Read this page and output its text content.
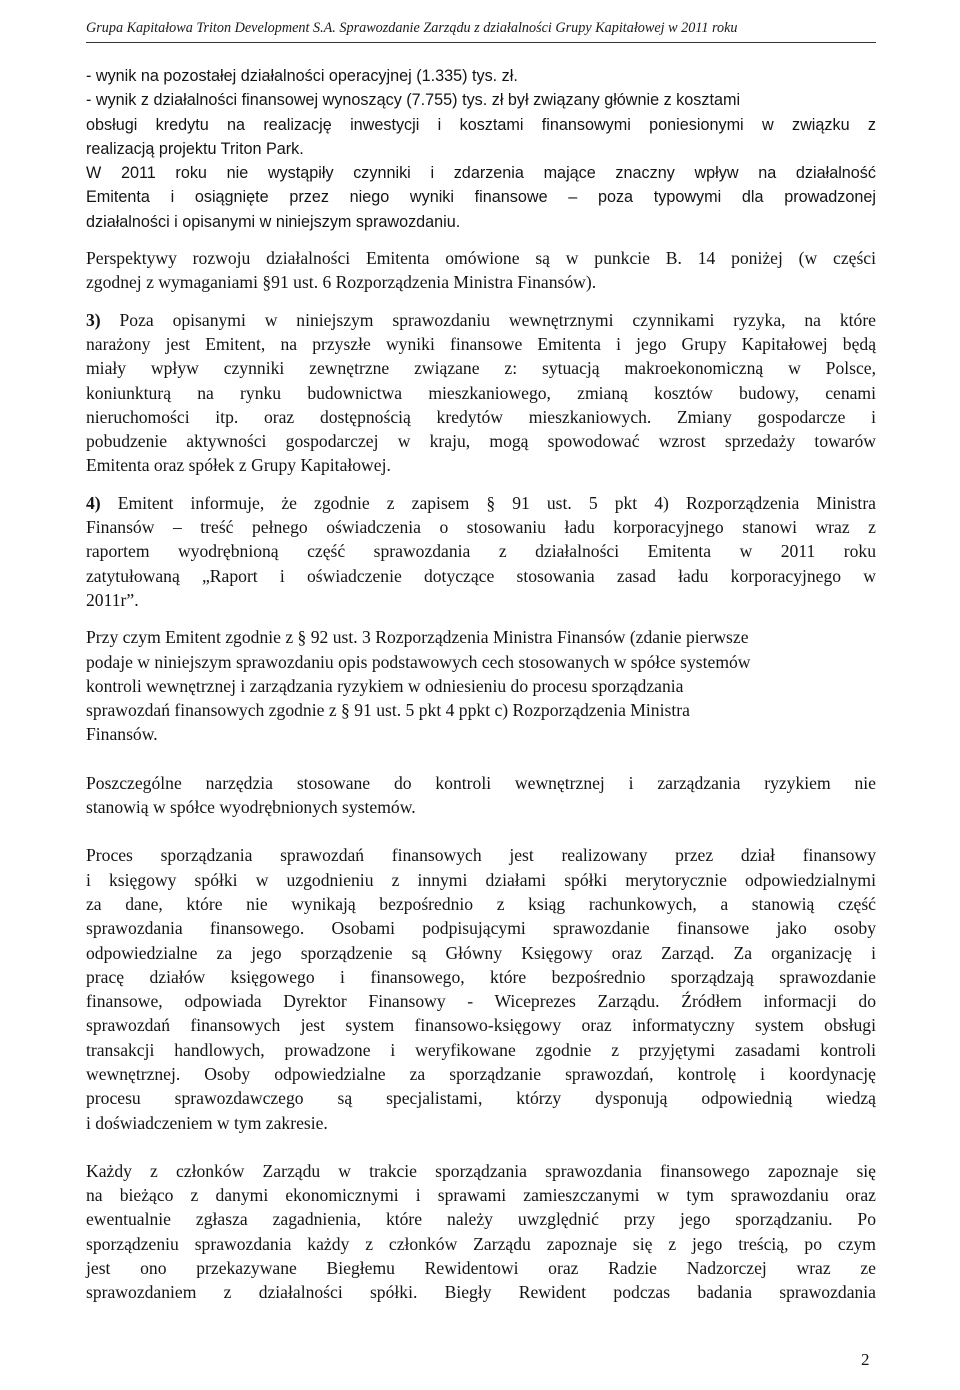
Grupa Kapitałowa Triton Development S.A. Sprawozdanie Zarządu z działalności Grupy Kapitałowej w 2011 roku
- wynik na pozostałej działalności operacyjnej (1.335) tys. zł.
- wynik z działalności finansowej wynoszący (7.755) tys. zł był związany głównie z kosztami
obsługi kredytu na realizację inwestycji i kosztami finansowymi poniesionymi w związku z
realizacją projektu Triton Park.
W 2011 roku nie wystąpiły czynniki i zdarzenia mające znaczny wpływ na działalność
Emitenta i osiągnięte przez niego wyniki finansowe – poza typowymi dla prowadzonej
działalności i opisanymi w niniejszym sprawozdaniu.
Perspektywy rozwoju działalności Emitenta omówione są w punkcie B. 14 poniżej (w części
zgodnej z wymaganiami §91 ust. 6 Rozporządzenia Ministra Finansów).
3) Poza opisanymi w niniejszym sprawozdaniu wewnętrznymi czynnikami ryzyka, na które
narażony jest Emitent, na przyszłe wyniki finansowe Emitenta i jego Grupy Kapitałowej będą
miały wpływ czynniki zewnętrzne związane z: sytuacją makroekonomiczną w Polsce,
koniunkturą na rynku budownictwa mieszkaniowego, zmianą kosztów budowy, cenami
nieruchomości itp. oraz dostępnością kredytów mieszkaniowych. Zmiany gospodarcze i
pobudzenie aktywności gospodarczej w kraju, mogą spowodować wzrost sprzedaży towarów
Emitenta oraz spółek z Grupy Kapitałowej.
4) Emitent informuje, że zgodnie z zapisem § 91 ust. 5 pkt 4) Rozporządzenia Ministra
Finansów – treść pełnego oświadczenia o stosowaniu ładu korporacyjnego stanowi wraz z
raportem wyodrębnioną część sprawozdania z działalności Emitenta w 2011 roku
zatytułowaną „Raport i oświadczenie dotyczące stosowania zasad ładu korporacyjnego w
2011r”.
Przy czym Emitent zgodnie z § 92 ust. 3 Rozporządzenia Ministra Finansów (zdanie pierwsze
podaje w niniejszym sprawozdaniu opis podstawowych cech stosowanych w spółce systemów
kontroli wewnętrznej i zarządzania ryzykiem w odniesieniu do procesu sporządzania
sprawozdań finansowych zgodnie z § 91 ust. 5 pkt 4 ppkt c) Rozporządzenia Ministra
Finansów.
Poszczególne narzędzia stosowane do kontroli wewnętrznej i zarządzania ryzykiem nie
stanowią w spółce wyodrębnionych systemów.
Proces sporządzania sprawozdań finansowych jest realizowany przez dział finansowy
i księgowy spółki w uzgodnieniu z innymi działami spółki merytorycznie odpowiedzialnymi
za dane, które nie wynikają bezpośrednio z ksiąg rachunkowych, a stanowią część
sprawozdania finansowego. Osobami podpisującymi sprawozdanie finansowe jako osoby
odpowiedzialne za jego sporządzenie są Główny Księgowy oraz Zarząd. Za organizację i
pracę działów księgowego i finansowego, które bezpośrednio sporządzają sprawozdanie
finansowe, odpowiada Dyrektor Finansowy - Wiceprezes Zarządu. Źródłem informacji do
sprawozdań finansowych jest system finansowo-księgowy oraz informatyczny system obsługi
transakcji handlowych, prowadzone i weryfikowane zgodnie z przyjętymi zasadami kontroli
wewnętrznej. Osoby odpowiedzialne za sporządzanie sprawozdań, kontrolę i koordynację
procesu sprawozdawczego są specjalistami, którzy dysponują odpowiednią wiedzą
i doświadczeniem w tym zakresie.
Każdy z członków Zarządu w trakcie sporządzania sprawozdania finansowego zapoznaje się
na bieżąco z danymi ekonomicznymi i sprawami zamieszczanymi w tym sprawozdaniu oraz
ewentualnie zgłasza zagadnienia, które należy uwzględnić przy jego sporządzaniu. Po
sporządzeniu sprawozdania każdy z członków Zarządu zapoznaje się z jego treścią, po czym
jest ono przekazywane Biegłemu Rewidentowi oraz Radzie Nadzorczej wraz ze
sprawozdaniem z działalności spółki. Biegły Rewident podczas badania sprawozdania
2
